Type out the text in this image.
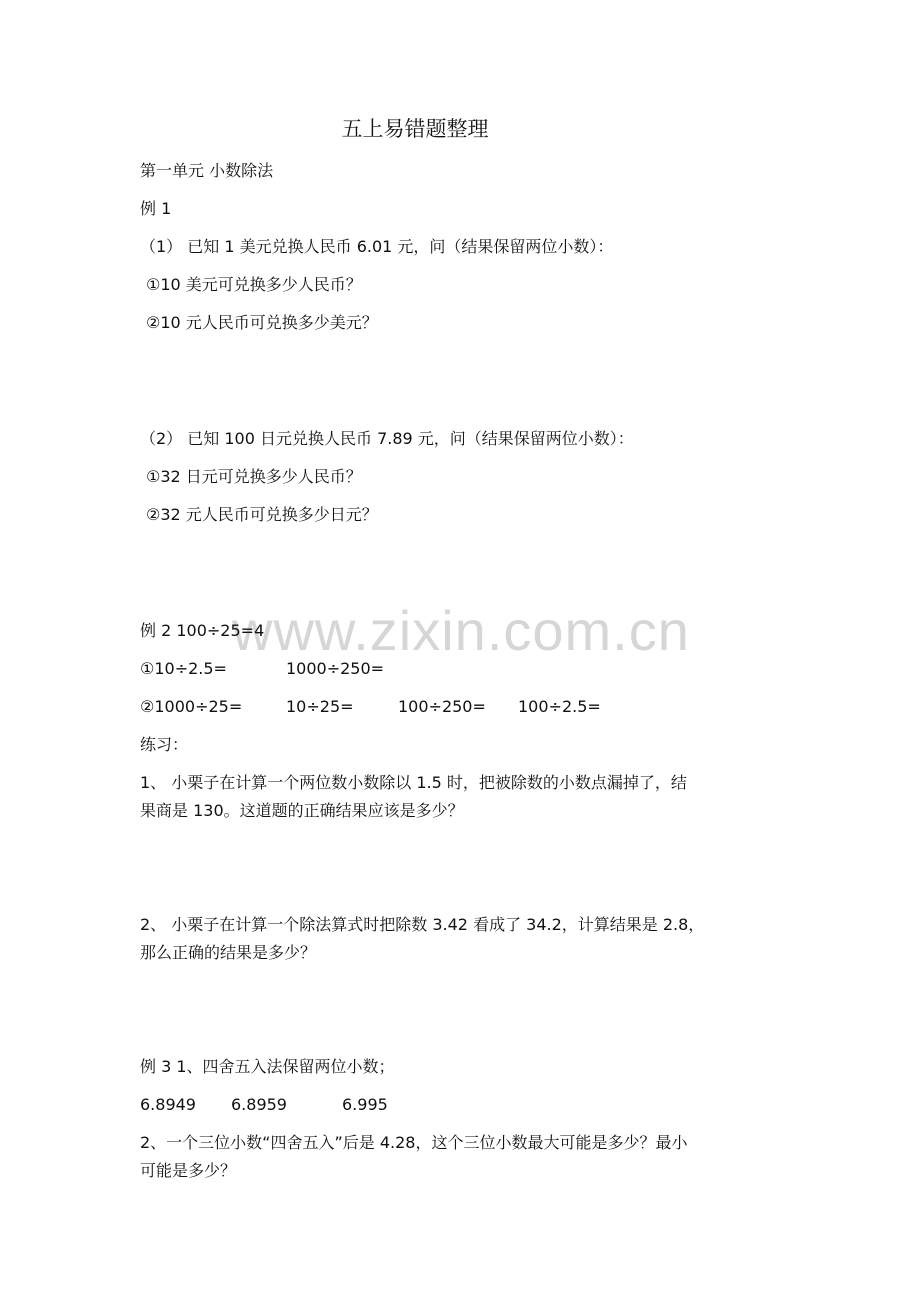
www.zixin.com.cn
五上易错题整理
第一单元 小数除法
例 1
（1） 已知 1 美元兑换人民币 6.01 元，问（结果保留两位小数）：
①10 美元可兑换多少人民币？
②10 元人民币可兑换多少美元？
（2） 已知 100 日元兑换人民币 7.89 元，问（结果保留两位小数）：
①32 日元可兑换多少人民币？
②32 元人民币可兑换多少日元？
例 2 100÷25=4
①10÷2.5=	1000÷250=
②1000÷25=	10÷25=	100÷250= 100÷2.5=
练习：
1、 小栗子在计算一个两位数小数除以 1.5 时，把被除数的小数点漏掉了，结
果商是 130。这道题的正确结果应该是多少？
2、 小栗子在计算一个除法算式时把除数 3.42 看成了 34.2，计算结果是 2.8，
那么正确的结果是多少？
例 3 1、四舍五入法保留两位小数；
6.8949 6.8959	6.995
2、一个三位小数“四舍五入”后是 4.28，这个三位小数最大可能是多少？最小
可能是多少？
